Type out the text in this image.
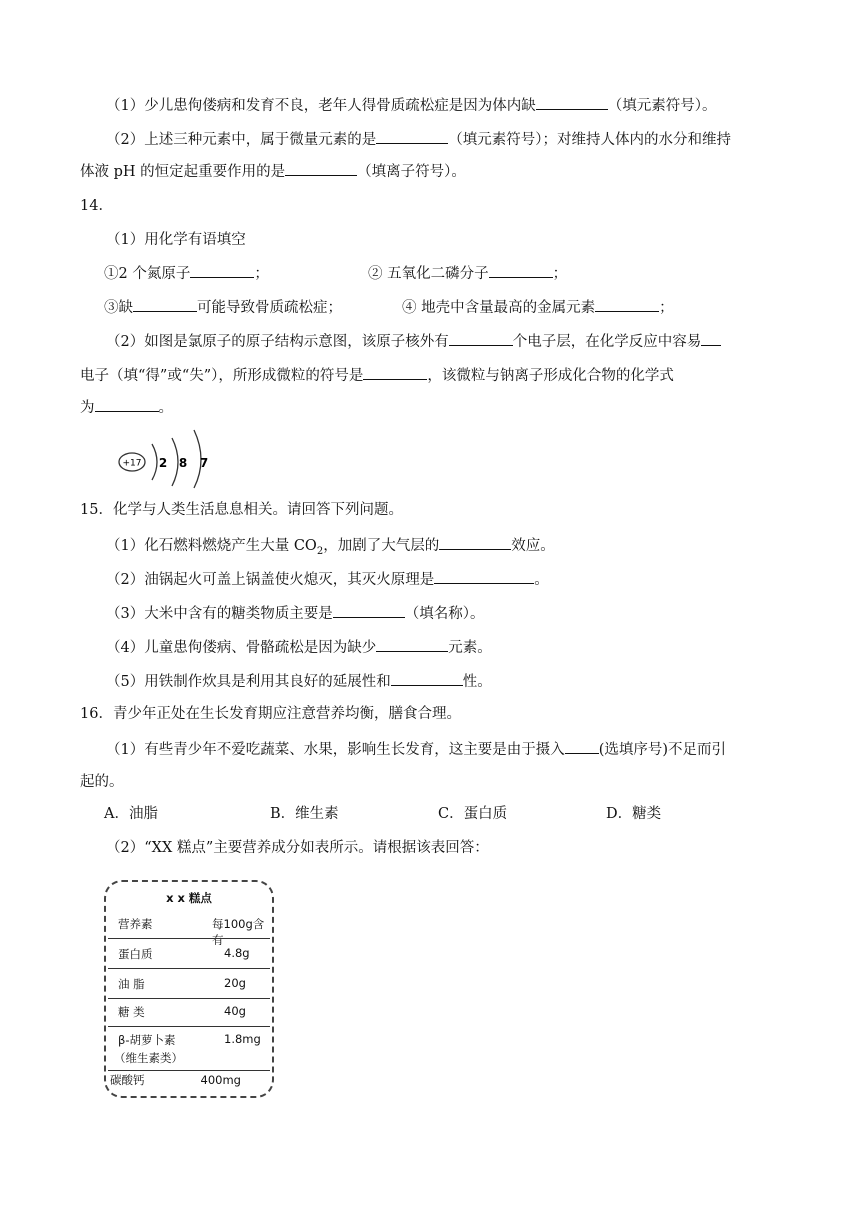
（1）少儿患佝偻病和发育不良，老年人得骨质疏松症是因为体内缺	（填元素符号）。
（2）上述三种元素中，属于微量元素的是	（填元素符号）；对维持人体内的水分和维持
体液 pH 的恒定起重要作用的是	（填离子符号）。
14．
（1）用化学有语填空
①2 个氮原子	；	② 五氧化二磷分子	；
③缺	可能导致骨质疏松症；	④ 地壳中含量最高的金属元素	；
（2）如图是氯原子的原子结构示意图，该原子核外有	个电子层，在化学反应中容易
电子（填“得”或“失”），所形成微粒的符号是	，该微粒与钠离子形成化合物的化学式
为	。
+17 2 8 7
15．化学与人类生活息息相关。请回答下列问题。
（1）化石燃料燃烧产生大量 $CO_2$，加剧了大气层的	效应。
（2）油锅起火可盖上锅盖使火熄灭，其灭火原理是	。
（3）大米中含有的糖类物质主要是	（填名称）。
（4）儿童患佝偻病、骨骼疏松是因为缺少	元素。
（5）用铁制作炊具是利用其良好的延展性和	性。
16．青少年正处在生长发育期应注意营养均衡，膳食合理。
（1）有些青少年不爱吃蔬菜、水果，影响生长发育，这主要是由于摄入 (选填序号)不足而引
起的。
A．油脂	B．维生素	C．蛋白质	D．糖类
（2）“XX 糕点”主要营养成分如表所示。请根据该表回答：
x x 糕点
营养素	每100g含有
蛋白质	4.8g
油 脂	20g
糖 类	40g
β-胡萝卜素	1.8mg
（维生素类）
碳酸钙	400mg
